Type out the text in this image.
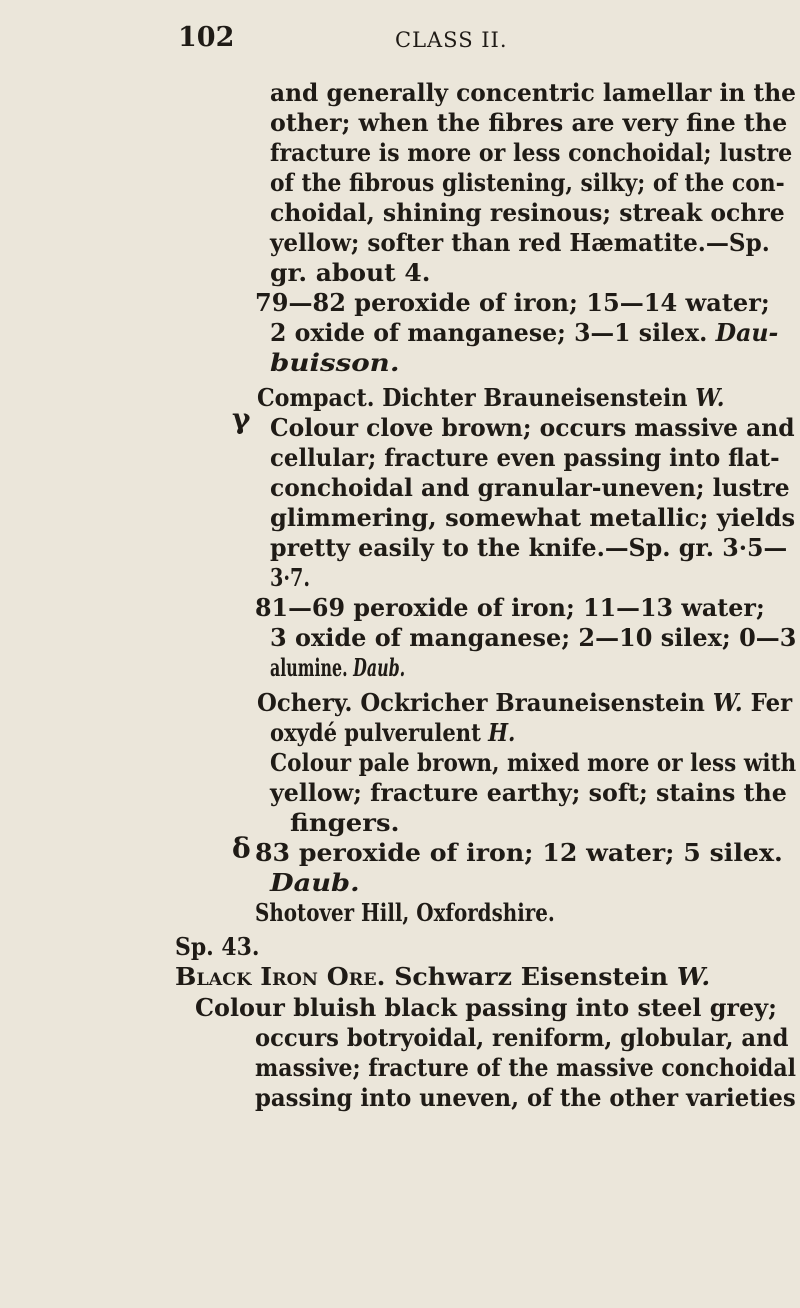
102	CLASS II.
γ
δ
and generally concentric lamellar in the
other; when the fibres are very fine the
fracture is more or less conchoidal; lustre
of the fibrous glistening, silky; of the con-
choidal, shining resinous; streak ochre
yellow; softer than red Hæmatite.—Sp.
gr. about 4.
79—82 peroxide of iron; 15—14 water;
2 oxide of manganese; 3—1 silex. Dau-
buisson.
Compact. Dichter Brauneisenstein W.
Colour clove brown; occurs massive and
cellular; fracture even passing into flat-
conchoidal and granular-uneven; lustre
glimmering, somewhat metallic; yields
pretty easily to the knife.—Sp. gr. 3·5—
3·7.
81—69 peroxide of iron; 11—13 water;
3 oxide of manganese; 2—10 silex; 0—3
alumine. Daub.
Ochery. Ockricher Brauneisenstein W. Fer
oxydé pulverulent H.
Colour pale brown, mixed more or less with
yellow; fracture earthy; soft; stains the
fingers.
83 peroxide of iron; 12 water; 5 silex.
Daub.
Shotover Hill, Oxfordshire.
Sp. 43.
Black Iron Ore. Schwarz Eisenstein W.
Colour bluish black passing into steel grey;
occurs botryoidal, reniform, globular, and
massive; fracture of the massive conchoidal
passing into uneven, of the other varieties
